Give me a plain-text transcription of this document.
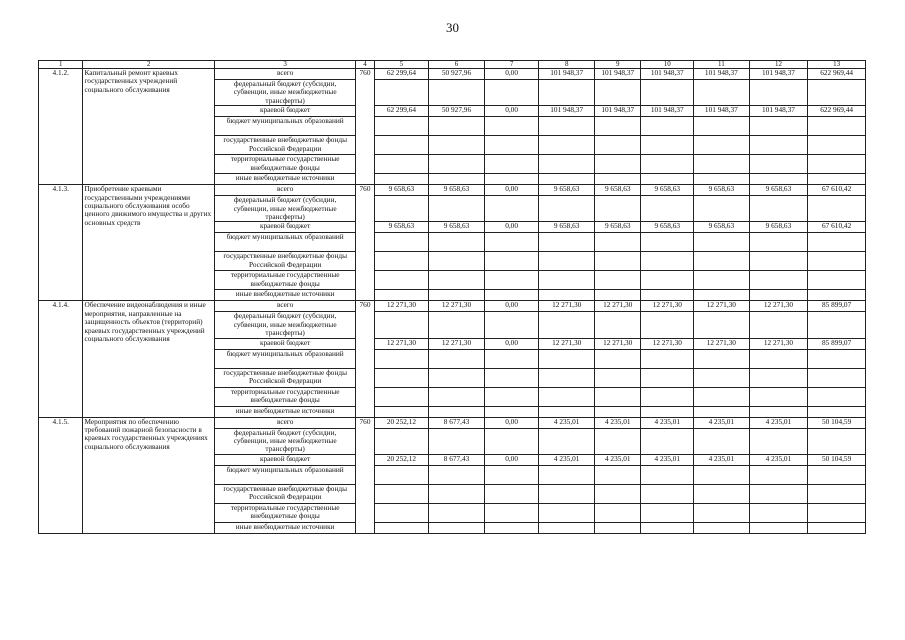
30
1	2	3	4	5	6	7	8	9	10	11	12	13
4.1.2.	Капитальный ремонт краевых государственных учреждений социального обслуживания	всего	760	62 299,64	50 927,96	0,00	101 948,37	101 948,37	101 948,37	101 948,37	101 948,37	622 969,44
		федеральный бюджет (субсидии, субвенции, иные межбюджетные трансферты)										
		краевой бюджет		62 299,64	50 927,96	0,00	101 948,37	101 948,37	101 948,37	101 948,37	101 948,37	622 969,44
		бюджет муниципальных образований										
		государственные внебюджетные фонды Российской Федерации										
		территориальные государственные внебюджетные фонды										
		иные внебюджетные источники										
4.1.3.	Приобретение краевыми государственными учреждениями социального обслуживания особо ценного движимого имущества и других основных средств	всего	760	9 658,63	9 658,63	0,00	9 658,63	9 658,63	9 658,63	9 658,63	9 658,63	67 610,42
		федеральный бюджет (субсидии, субвенции, иные межбюджетные трансферты)										
		краевой бюджет		9 658,63	9 658,63	0,00	9 658,63	9 658,63	9 658,63	9 658,63	9 658,63	67 610,42
		бюджет муниципальных образований										
		государственные внебюджетные фонды Российской Федерации										
		территориальные государственные внебюджетные фонды										
		иные внебюджетные источники										
4.1.4.	Обеспечение видеонаблюдения и иные мероприятия, направленные на защищенность объектов (территорий) краевых государственных учреждений социального обслуживания	всего	760	12 271,30	12 271,30	0,00	12 271,30	12 271,30	12 271,30	12 271,30	12 271,30	85 899,07
		федеральный бюджет (субсидии, субвенции, иные межбюджетные трансферты)										
		краевой бюджет		12 271,30	12 271,30	0,00	12 271,30	12 271,30	12 271,30	12 271,30	12 271,30	85 899,07
		бюджет муниципальных образований										
		государственные внебюджетные фонды Российской Федерации										
		территориальные государственные внебюджетные фонды										
		иные внебюджетные источники										
4.1.5.	Мероприятия по обеспечению требований пожарной безопасности в краевых государственных учреждениях социального обслуживания	всего	760	20 252,12	8 677,43	0,00	4 235,01	4 235,01	4 235,01	4 235,01	4 235,01	50 104,59
		федеральный бюджет (субсидии, субвенции, иные межбюджетные трансферты)										
		краевой бюджет		20 252,12	8 677,43	0,00	4 235,01	4 235,01	4 235,01	4 235,01	4 235,01	50 104,59
		бюджет муниципальных образований										
		государственные внебюджетные фонды Российской Федерации										
		территориальные государственные внебюджетные фонды										
		иные внебюджетные источники										
